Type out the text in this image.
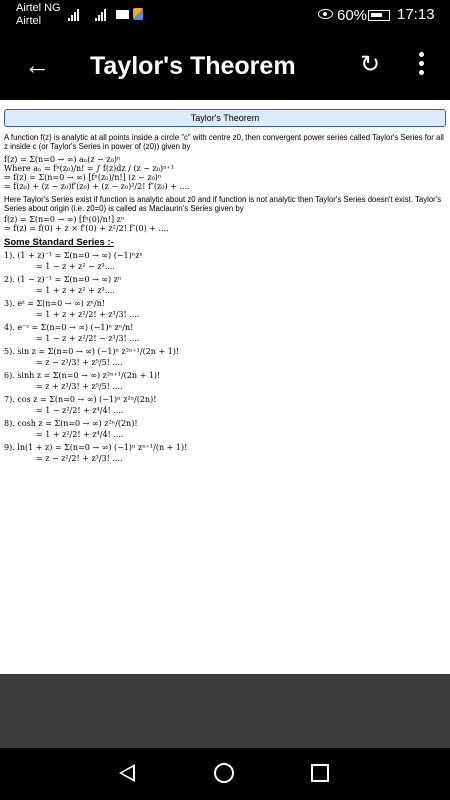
Airtel NG
Airtel	60% 17:13
← Taylor's Theorem	↻
Taylor's Theorem
A function f(z) is analytic at all points inside a circle "c" with centre z0, then convergent power series called Taylor's Series for all z inside c (or Taylor's Series in power of (z0)) given by
f(z) = Σ(n=0 → ∞) aₙ(z − z₀)ⁿ
Where aₙ = fⁿ(z₀)/n! = ∫ f(z)dz / (z − z₀)ⁿ⁺¹
⇒ f(z) = Σ(n=0 → ∞) [fⁿ(z₀)/n!] (z − z₀)ⁿ
= f(z₀) + (z − z₀)f′(z₀) + (z − z₀)²/2! f″(z₀) + ....
Here Taylor's Series exist if function is analytic about z0 and if function is not analytic then Taylor's Series doesn't exist. Taylor's Series about origin (i.e. z0=0) is called as Maclaurin's Series given by
f(z) = Σ(n=0 → ∞) [fⁿ(0)/n!] zⁿ
⇒ f(z) = f(0) + z × f′(0) + z²/2! f″(0) + ....
Some Standard Series :-
1). (1 + z)⁻¹ = Σ(n=0 → ∞) (−1)ⁿzⁿ
= 1 − z + z² − z³....
2). (1 − z)⁻¹ = Σ(n=0 → ∞) zⁿ
= 1 + z + z² + z³....
3). eᶻ = Σ(n=0 → ∞) zⁿ/n!
= 1 + z + z²/2! + z³/3! ....
4). e⁻ᶻ = Σ(n=0 → ∞) (−1)ⁿ zⁿ/n!
= 1 − z + z²/2! − z³/3! ....
5). sin z = Σ(n=0 → ∞) (−1)ⁿ z²ⁿ⁺¹/(2n + 1)!
= z − z³/3! + z⁵/5! ....
6). sinh z = Σ(n=0 → ∞) z²ⁿ⁺¹/(2n + 1)!
= z + z³/3! + z⁵/5! ....
7). cos z = Σ(n=0 → ∞) (−1)ⁿ z²ⁿ/(2n)!
= 1 − z²/2! + z⁴/4! ....
8). cosh z = Σ(n=0 → ∞) z²ⁿ/(2n)!
= 1 + z²/2! + z⁴/4! ....
9). ln(1 + z) = Σ(n=0 → ∞) (−1)ⁿ zⁿ⁺¹/(n + 1)!
= z − z²/2! + z³/3! ....
